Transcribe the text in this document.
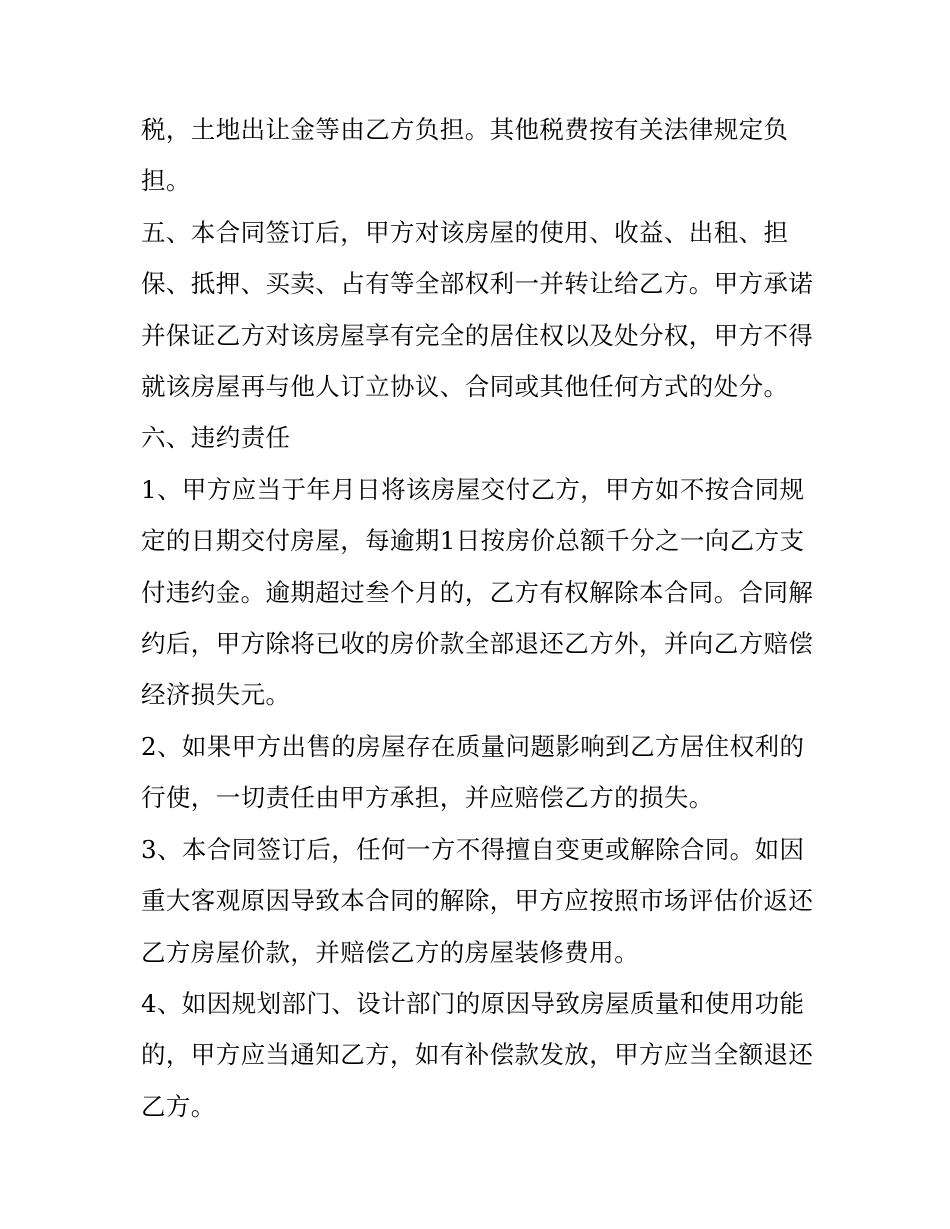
税，土地出让金等由乙方负担。其他税费按有关法律规定负担。

五、本合同签订后，甲方对该房屋的使用、收益、出租、担保、抵押、买卖、占有等全部权利一并转让给乙方。甲方承诺并保证乙方对该房屋享有完全的居住权以及处分权，甲方不得就该房屋再与他人订立协议、合同或其他任何方式的处分。

六、违约责任

1、甲方应当于年月日将该房屋交付乙方，甲方如不按合同规定的日期交付房屋，每逾期1日按房价总额千分之一向乙方支付违约金。逾期超过叁个月的，乙方有权解除本合同。合同解约后，甲方除将已收的房价款全部退还乙方外，并向乙方赔偿经济损失元。

2、如果甲方出售的房屋存在质量问题影响到乙方居住权利的行使，一切责任由甲方承担，并应赔偿乙方的损失。

3、本合同签订后，任何一方不得擅自变更或解除合同。如因重大客观原因导致本合同的解除，甲方应按照市场评估价返还乙方房屋价款，并赔偿乙方的房屋装修费用。

4、如因规划部门、设计部门的原因导致房屋质量和使用功能的，甲方应当通知乙方，如有补偿款发放，甲方应当全额退还乙方。
